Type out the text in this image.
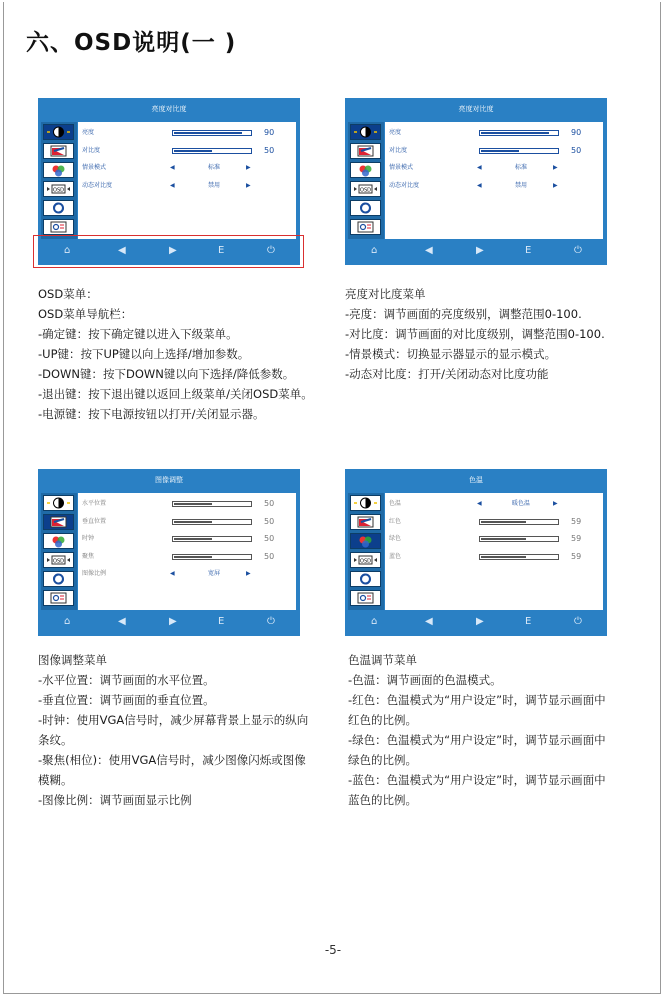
六、OSD说明(一 )
亮度对比度
OSD
亮度	90
对比度	50
情景模式	◀	标准	▶
动态对比度	◀	禁用	▶
⌂	◀	▶	E	⏻
亮度对比度
OSD
亮度	90
对比度	50
情景模式	◀	标准	▶
动态对比度	◀	禁用	▶
⌂	◀	▶	E	⏻
图像调整
OSD
水平位置	50
垂直位置	50
时钟	50
聚焦	50
图像比例	◀	宽屏	▶
⌂	◀	▶	E	⏻
色温
OSD
色温	◀	暖色温	▶
红色	59
绿色	59
蓝色	59
⌂	◀	▶	E	⏻

OSD菜单：

OSD菜单导航栏：

-确定键：按下确定键以进入下级菜单。

-UP键：按下UP键以向上选择/增加参数。

-DOWN键：按下DOWN键以向下选择/降低参数。

-退出键：按下退出键以返回上级菜单/关闭OSD菜单。

-电源键：按下电源按钮以打开/关闭显示器。

亮度对比度菜单

-亮度：调节画面的亮度级别，调整范围0-100.

-对比度：调节画面的对比度级别，调整范围0-100.

-情景模式：切换显示器显示的显示模式。

-动态对比度：打开/关闭动态对比度功能

图像调整菜单

-水平位置：调节画面的水平位置。

-垂直位置：调节画面的垂直位置。

-时钟：使用VGA信号时，减少屏幕背景上显示的纵向

条纹。

-聚焦(相位)：使用VGA信号时，减少图像闪烁或图像

模糊。

-图像比例：调节画面显示比例

色温调节菜单

-色温：调节画面的色温模式。

-红色：色温模式为“用户设定”时，调节显示画面中

红色的比例。

-绿色：色温模式为“用户设定”时，调节显示画面中

绿色的比例。

-蓝色：色温模式为“用户设定”时，调节显示画面中

蓝色的比例。

-5-
